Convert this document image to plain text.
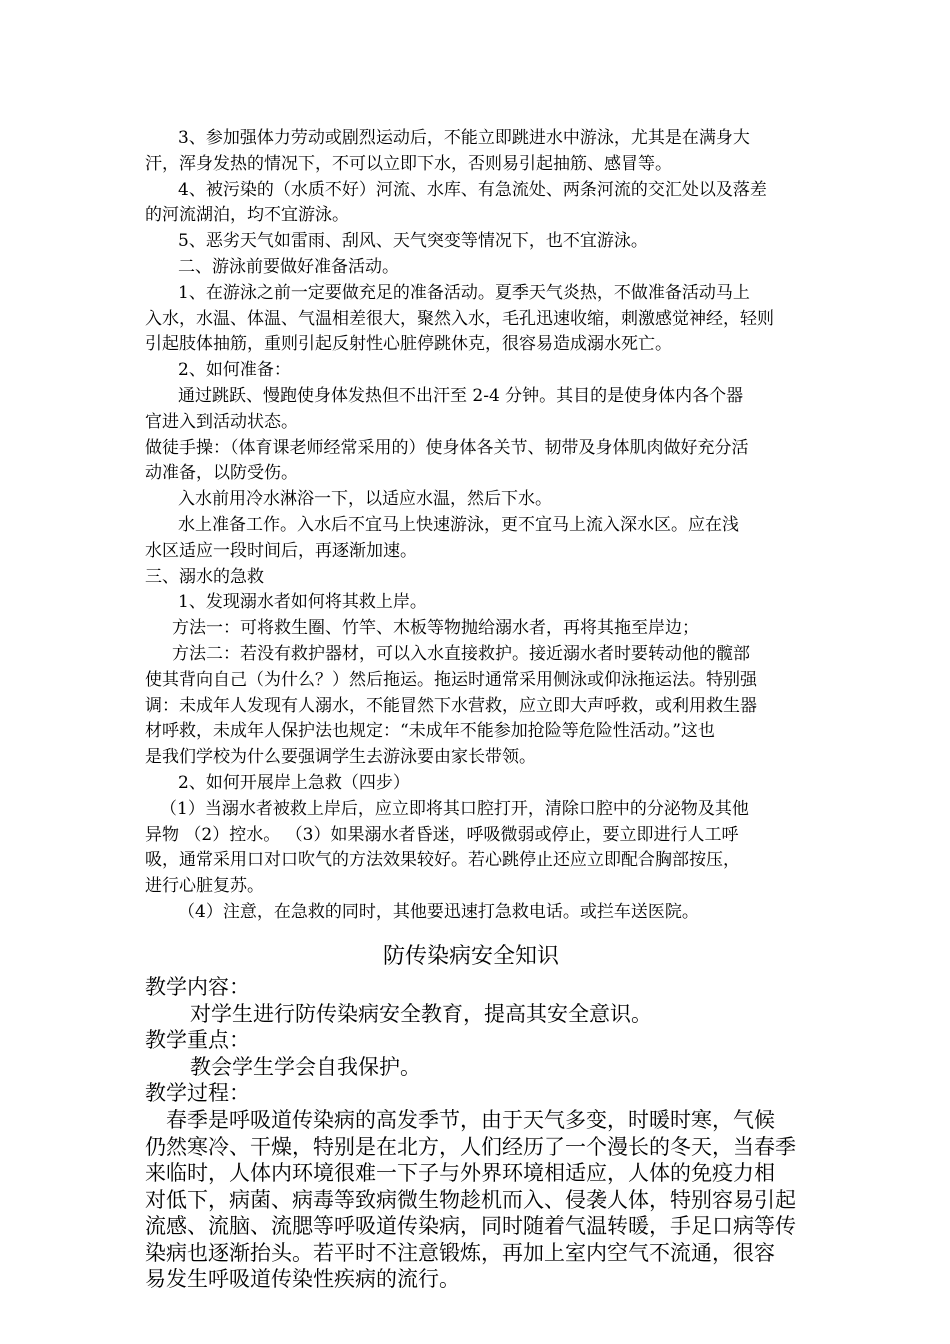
3、参加强体力劳动或剧烈运动后，不能立即跳进水中游泳，尤其是在满身大

汗，浑身发热的情况下，不可以立即下水，否则易引起抽筋、感冒等。

4、被污染的（水质不好）河流、水库、有急流处、两条河流的交汇处以及落差

的河流湖泊，均不宜游泳。

5、恶劣天气如雷雨、刮风、天气突变等情况下，也不宜游泳。

二、游泳前要做好准备活动。

1、在游泳之前一定要做充足的准备活动。夏季天气炎热，不做准备活动马上

入水，水温、体温、气温相差很大，聚然入水，毛孔迅速收缩，刺激感觉神经，轻则

引起肢体抽筋，重则引起反射性心脏停跳休克，很容易造成溺水死亡。

2、如何准备：

通过跳跃、慢跑使身体发热但不出汗至 2-4 分钟。其目的是使身体内各个器

官进入到活动状态。

做徒手操：（体育课老师经常采用的）使身体各关节、韧带及身体肌肉做好充分活

动准备，以防受伤。

入水前用冷水淋浴一下，以适应水温，然后下水。

水上准备工作。入水后不宜马上快速游泳，更不宜马上流入深水区。应在浅

水区适应一段时间后，再逐渐加速。

三、溺水的急救

1、发现溺水者如何将其救上岸。

方法一：可将救生圈、竹竿、木板等物抛给溺水者，再将其拖至岸边；

方法二：若没有救护器材，可以入水直接救护。接近溺水者时要转动他的髋部

使其背向自己（为什么？）然后拖运。拖运时通常采用侧泳或仰泳拖运法。特别强

调：未成年人发现有人溺水，不能冒然下水营救，应立即大声呼救，或利用救生器

材呼救，未成年人保护法也规定：“未成年不能参加抢险等危险性活动。”这也

是我们学校为什么要强调学生去游泳要由家长带领。

2、如何开展岸上急救（四步）

（1）当溺水者被救上岸后，应立即将其口腔打开，清除口腔中的分泌物及其他

异物 （2）控水。 （3）如果溺水者昏迷，呼吸微弱或停止，要立即进行人工呼

吸，通常采用口对口吹气的方法效果较好。若心跳停止还应立即配合胸部按压，

进行心脏复苏。

（4）注意，在急救的同时，其他要迅速打急救电话。或拦车送医院。

防传染病安全知识

教学内容：

对学生进行防传染病安全教育，提高其安全意识。

教学重点：

教会学生学会自我保护。

教学过程：

春季是呼吸道传染病的高发季节，由于天气多变，时暖时寒，气候

仍然寒冷、干燥，特别是在北方，人们经历了一个漫长的冬天，当春季

来临时，人体内环境很难一下子与外界环境相适应，人体的免疫力相

对低下，病菌、病毒等致病微生物趁机而入、侵袭人体，特别容易引起

流感、流脑、流腮等呼吸道传染病，同时随着气温转暖，手足口病等传

染病也逐渐抬头。若平时不注意锻炼，再加上室内空气不流通，很容

易发生呼吸道传染性疾病的流行。
